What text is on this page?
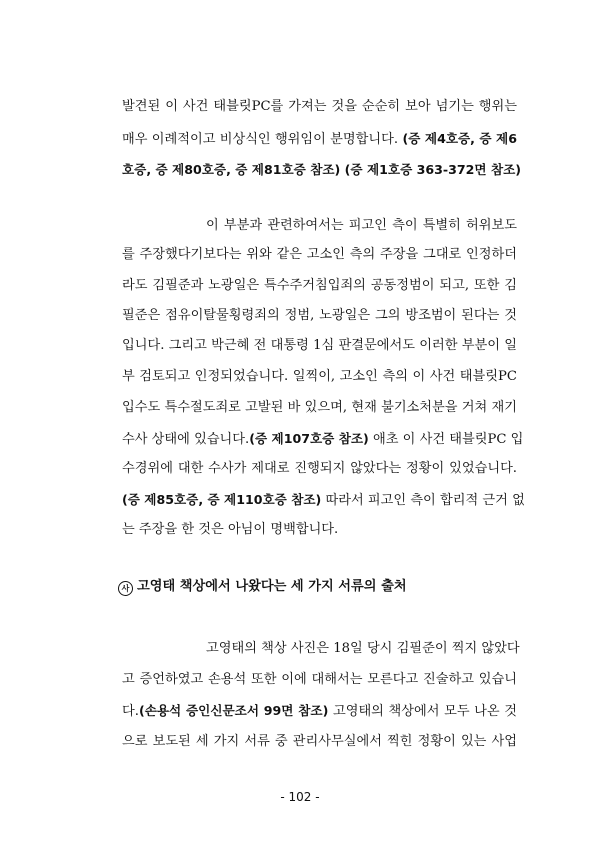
발견된 이 사건 태블릿PC를 가져는 것을 순순히 보아 넘기는 행위는
매우 이례적이고 비상식인 행위임이 분명합니다. (증 제4호증, 증 제6
호증, 증 제80호증, 증 제81호증 참조) (증 제1호증 363-372면 참조)
이 부분과 관련하여서는 피고인 측이 특별히 허위보도
를 주장했다기보다는 위와 같은 고소인 측의 주장을 그대로 인정하더
라도 김필준과 노광일은 특수주거침입죄의 공동정범이 되고, 또한 김
필준은 점유이탈물횡령죄의 정범, 노광일은 그의 방조범이 된다는 것
입니다. 그리고 박근혜 전 대통령 1심 판결문에서도 이러한 부분이 일
부 검토되고 인정되었습니다. 일찍이, 고소인 측의 이 사건 태블릿PC
입수도 특수절도죄로 고발된 바 있으며, 현재 불기소처분을 거쳐 재기
수사 상태에 있습니다.(증 제107호증 참조) 애초 이 사건 태블릿PC 입
수경위에 대한 수사가 제대로 진행되지 않았다는 정황이 있었습니다.
(증 제85호증, 증 제110호증 참조) 따라서 피고인 측이 합리적 근거 없
는 주장을 한 것은 아님이 명백합니다.
사 고영태 책상에서 나왔다는 세 가지 서류의 출처
고영태의 책상 사진은 18일 당시 김필준이 찍지 않았다
고 증언하였고 손용석 또한 이에 대해서는 모른다고 진술하고 있습니
다.(손용석 증인신문조서 99면 참조) 고영태의 책상에서 모두 나온 것
으로 보도된 세 가지 서류 중 관리사무실에서 찍힌 정황이 있는 사업
- 102 -
